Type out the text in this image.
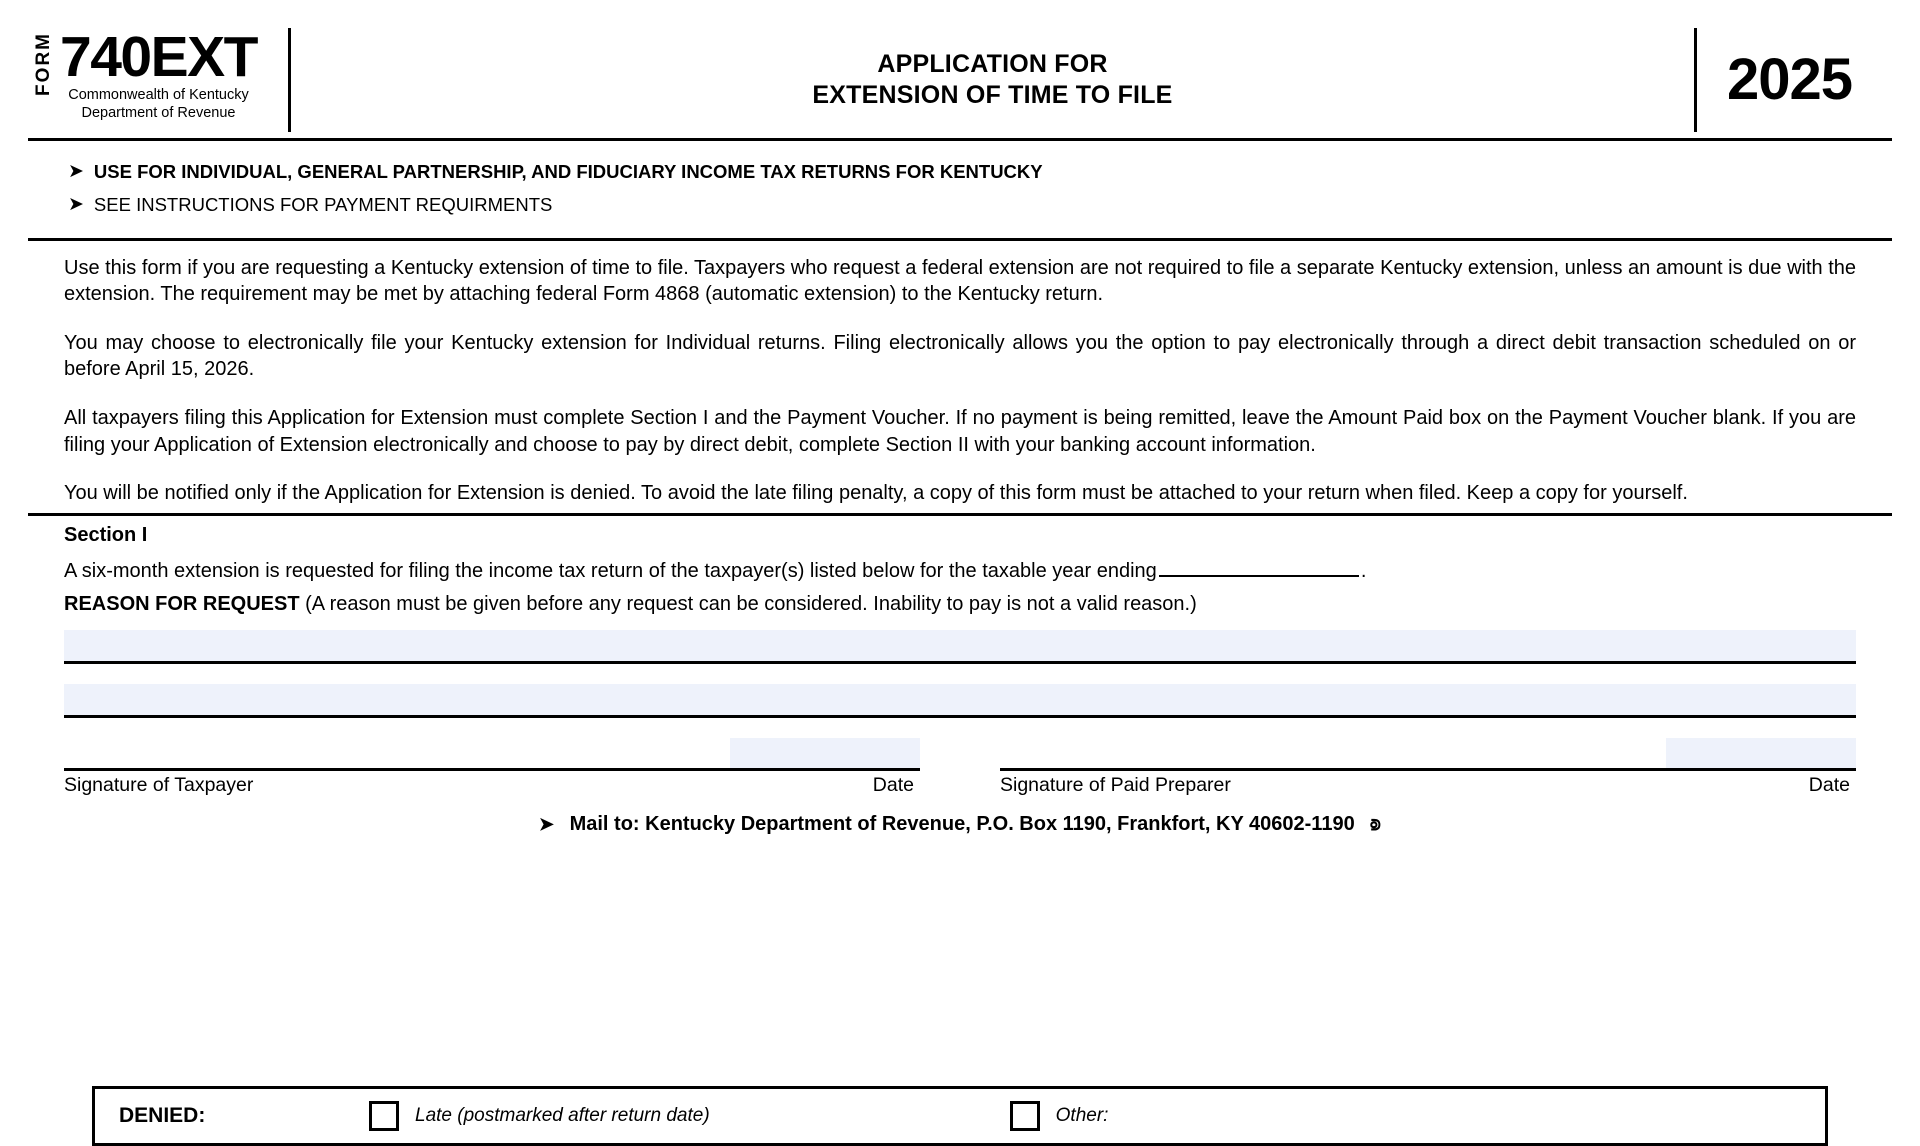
FORM 740EXT
Commonwealth of Kentucky
Department of Revenue
APPLICATION FOR
EXTENSION OF TIME TO FILE	2025
➤ USE FOR INDIVIDUAL, GENERAL PARTNERSHIP, AND FIDUCIARY INCOME TAX RETURNS FOR KENTUCKY
➤ SEE INSTRUCTIONS FOR PAYMENT REQUIRMENTS

Use this form if you are requesting a Kentucky extension of time to file. Taxpayers who request a federal extension are not required to file a separate Kentucky extension, unless an amount is due with the extension. The requirement may be met by attaching federal Form 4868 (automatic extension) to the Kentucky return.

You may choose to electronically file your Kentucky extension for Individual returns. Filing electronically allows you the option to pay electronically through a direct debit transaction scheduled on or before April 15, 2026.

All taxpayers filing this Application for Extension must complete Section I and the Payment Voucher. If no payment is being remitted, leave the Amount Paid box on the Payment Voucher blank. If you are filing your Application of Extension electronically and choose to pay by direct debit, complete Section II with your banking account information.

You will be notified only if the Application for Extension is denied. To avoid the late filing penalty, a copy of this form must be attached to your return when filed. Keep a copy for yourself.

Section I
A six-month extension is requested for filing the income tax return of the taxpayer(s) listed below for the taxable year ending	.
REASON FOR REQUEST (A reason must be given before any request can be considered. Inability to pay is not a valid reason.)
Signature of Taxpayer	Date	Signature of Paid Preparer	Date
➤ Mail to: Kentucky Department of Revenue, P.O. Box 1190, Frankfort, KY 40602-1190 ⟄
DENIED:	Late (postmarked after return date)	Other:
